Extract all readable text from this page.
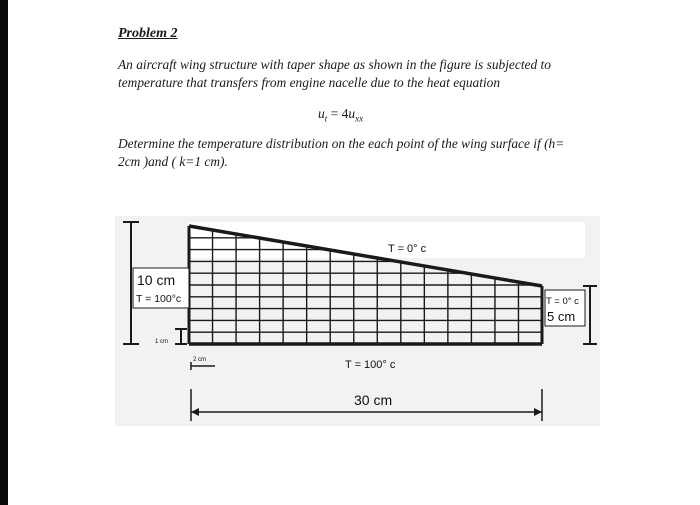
Problem 2
An aircraft wing structure with taper shape as shown in the figure is subjected to
temperature that transfers from engine nacelle due to the heat equation
$u_t = 4u_{xx}$
Determine the temperature distribution on the each point of the wing surface if (h=
2cm )and ( k=1 cm).
10 cm
T = 100°c
1 cm
2 cm
T = 0° c
T = 0° c
5 cm
T = 100° c
30 cm
